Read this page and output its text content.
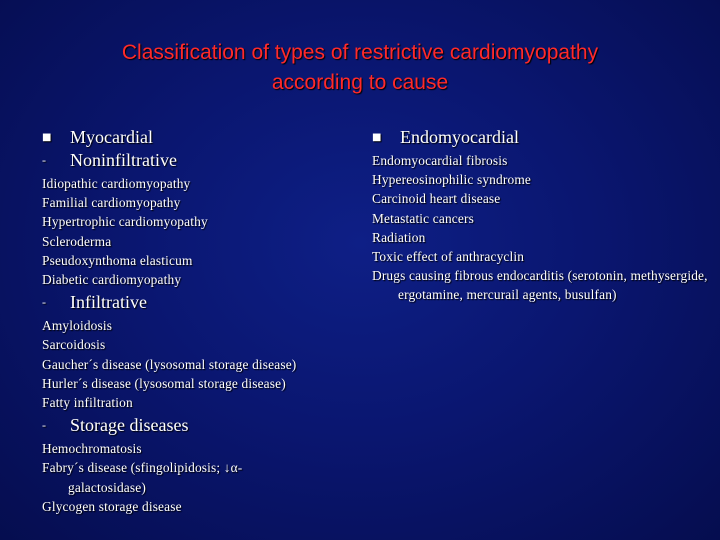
Classification of types of restrictive cardiomyopathy
according to cause
■ Myocardial
- Noninfiltrative
Idiopathic cardiomyopathy
Familial cardiomyopathy
Hypertrophic cardiomyopathy
Scleroderma
Pseudoxynthoma elasticum
Diabetic cardiomyopathy
- Infiltrative
Amyloidosis
Sarcoidosis
Gaucher´s disease (lysosomal storage disease)
Hurler´s disease (lysosomal storage disease)
Fatty infiltration
- Storage diseases
Hemochromatosis
Fabry´s disease (sfingolipidosis; ↓α-galactosidase)
Glycogen storage disease
■ Endomyocardial
Endomyocardial fibrosis
Hypereosinophilic syndrome
Carcinoid heart disease
Metastatic cancers
Radiation
Toxic effect of anthracyclin
Drugs causing fibrous endocarditis (serotonin, methysergide, ergotamine, mercurail agents, busulfan)
